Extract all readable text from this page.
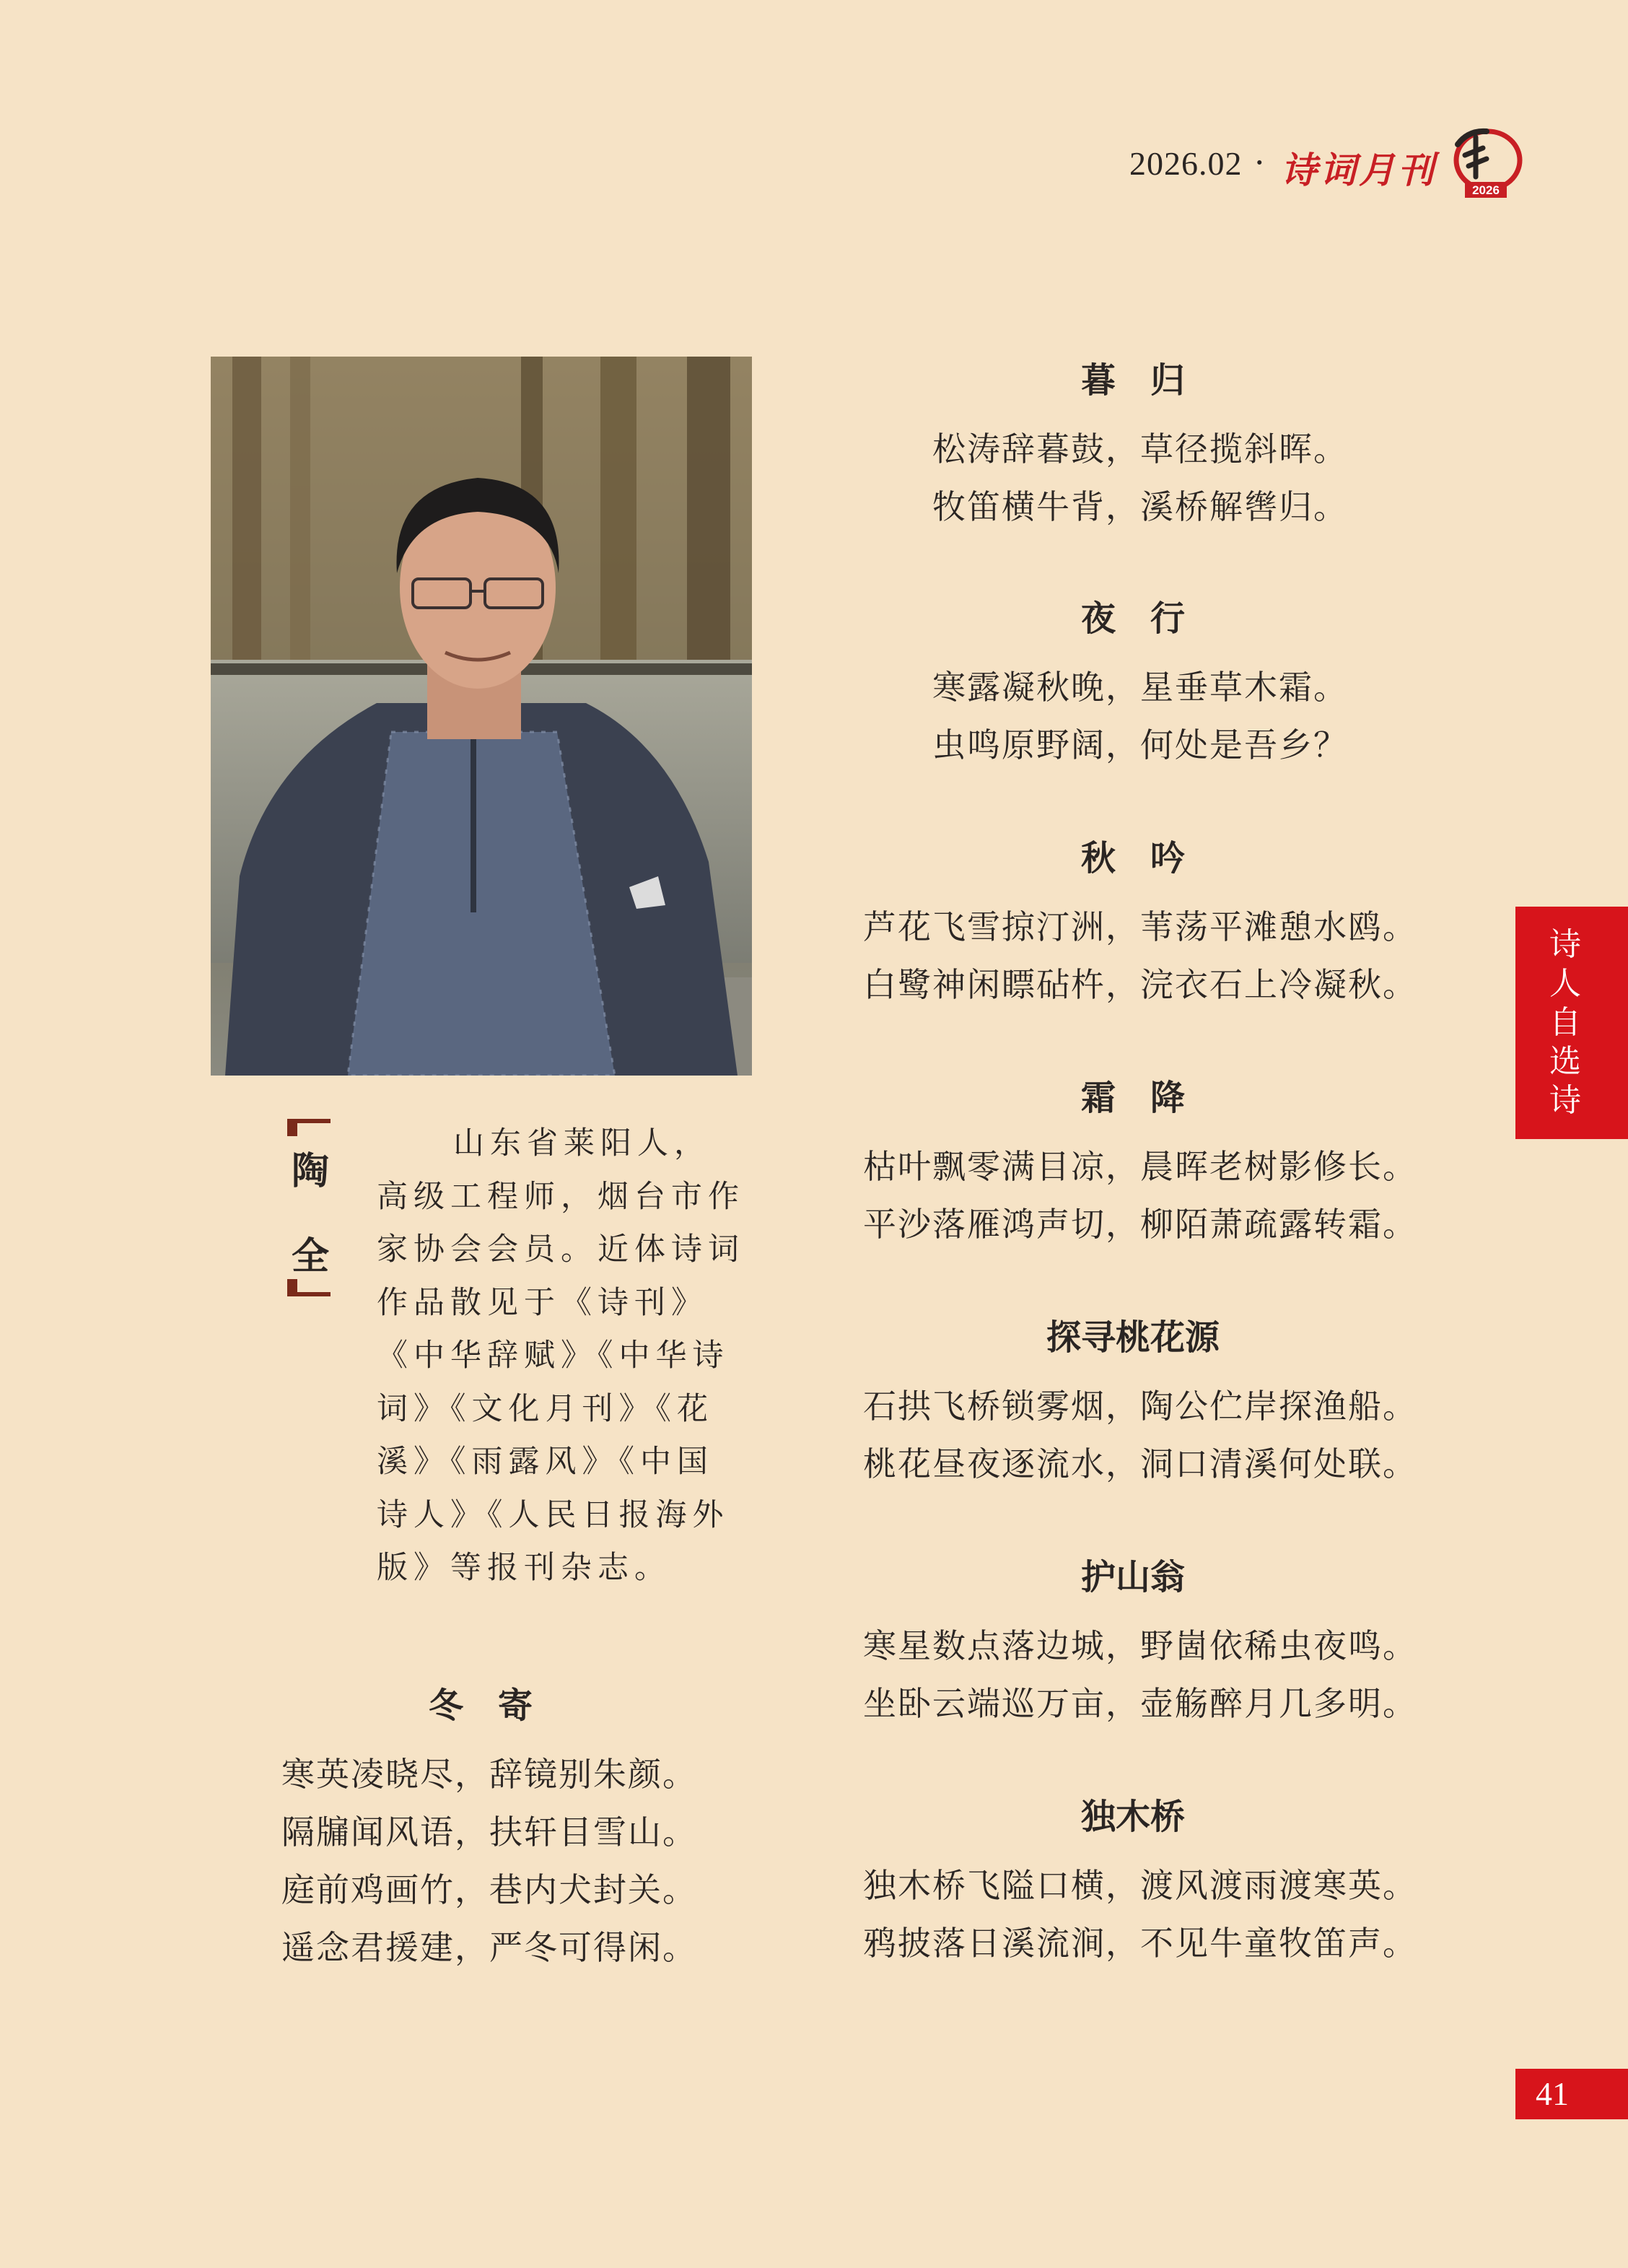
2026.02 · 诗词月刊	2026
陶
全
山东省莱阳人，
高级工程师，烟台市作
家协会会员。近体诗词
作品散见于《诗刊》
《中华辞赋》《中华诗
词》《文化月刊》《花
溪》《雨露风》《中国
诗人》《人民日报海外
版》等报刊杂志。
暮　归
松涛辞暮鼓，草径揽斜晖。
牧笛横牛背，溪桥解辔归。
夜　行
寒露凝秋晚，星垂草木霜。
虫鸣原野阔，何处是吾乡？
秋　吟
芦花飞雪掠汀洲，苇荡平滩憩水鸥。
白鹭神闲瞟砧杵，浣衣石上冷凝秋。
霜　降
枯叶飘零满目凉，晨晖老树影修长。
平沙落雁鸿声切，柳陌萧疏露转霜。
探寻桃花源
石拱飞桥锁雾烟，陶公伫岸探渔船。
桃花昼夜逐流水，洞口清溪何处联。
护山翁
寒星数点落边城，野崮依稀虫夜鸣。
坐卧云端巡万亩，壶觞醉月几多明。
独木桥
独木桥飞隘口横，渡风渡雨渡寒英。
鸦披落日溪流涧，不见牛童牧笛声。
冬　寄
寒英凌晓尽，辞镜别朱颜。
隔牖闻风语，扶轩目雪山。
庭前鸡画竹，巷内犬封关。
遥念君援建，严冬可得闲。
诗
人
自
选
诗
41
